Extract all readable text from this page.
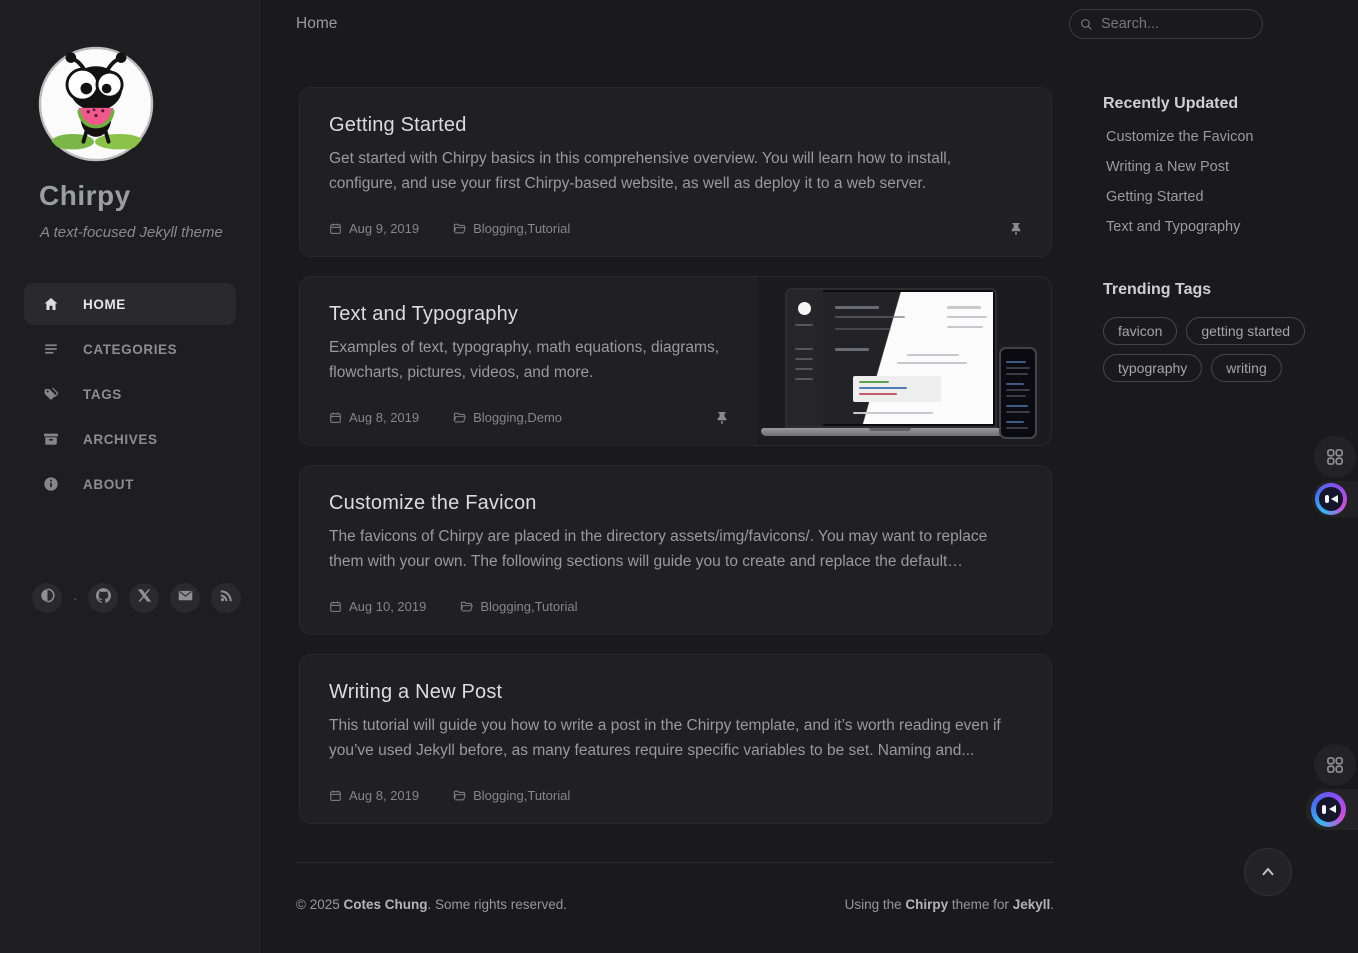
Chirpy

A text-focused Jekyll theme

HOME
CATEGORIES
TAGS
ARCHIVES
ABOUT
·
Home
Search...
Getting Started

Get started with Chirpy basics in this comprehensive overview. You will learn how to install, configure, and use your first Chirpy-based website, as well as deploy it to a web server.

Aug 9, 2019	Blogging , Tutorial
Text and Typography

Examples of text, typography, math equations, diagrams, flowcharts, pictures, videos, and more.

Aug 8, 2019	Blogging , Demo
Customize the Favicon

The favicons of Chirpy are placed in the directory assets/img/favicons/. You may want to replace them with your own. The following sections will guide you to create and replace the default…

Aug 10, 2019	Blogging , Tutorial
Writing a New Post

This tutorial will guide you how to write a post in the Chirpy template, and it’s worth reading even if you’ve used Jekyll before, as many features require specific variables to be set. Naming and...

Aug 8, 2019	Blogging , Tutorial
© 2025 Cotes Chung. Some rights reserved.	Using the Chirpy theme for Jekyll.
Recently Updated
Customize the Favicon
Writing a New Post
Getting Started
Text and Typography
Trending Tags
favicon	getting started
typography	writing
